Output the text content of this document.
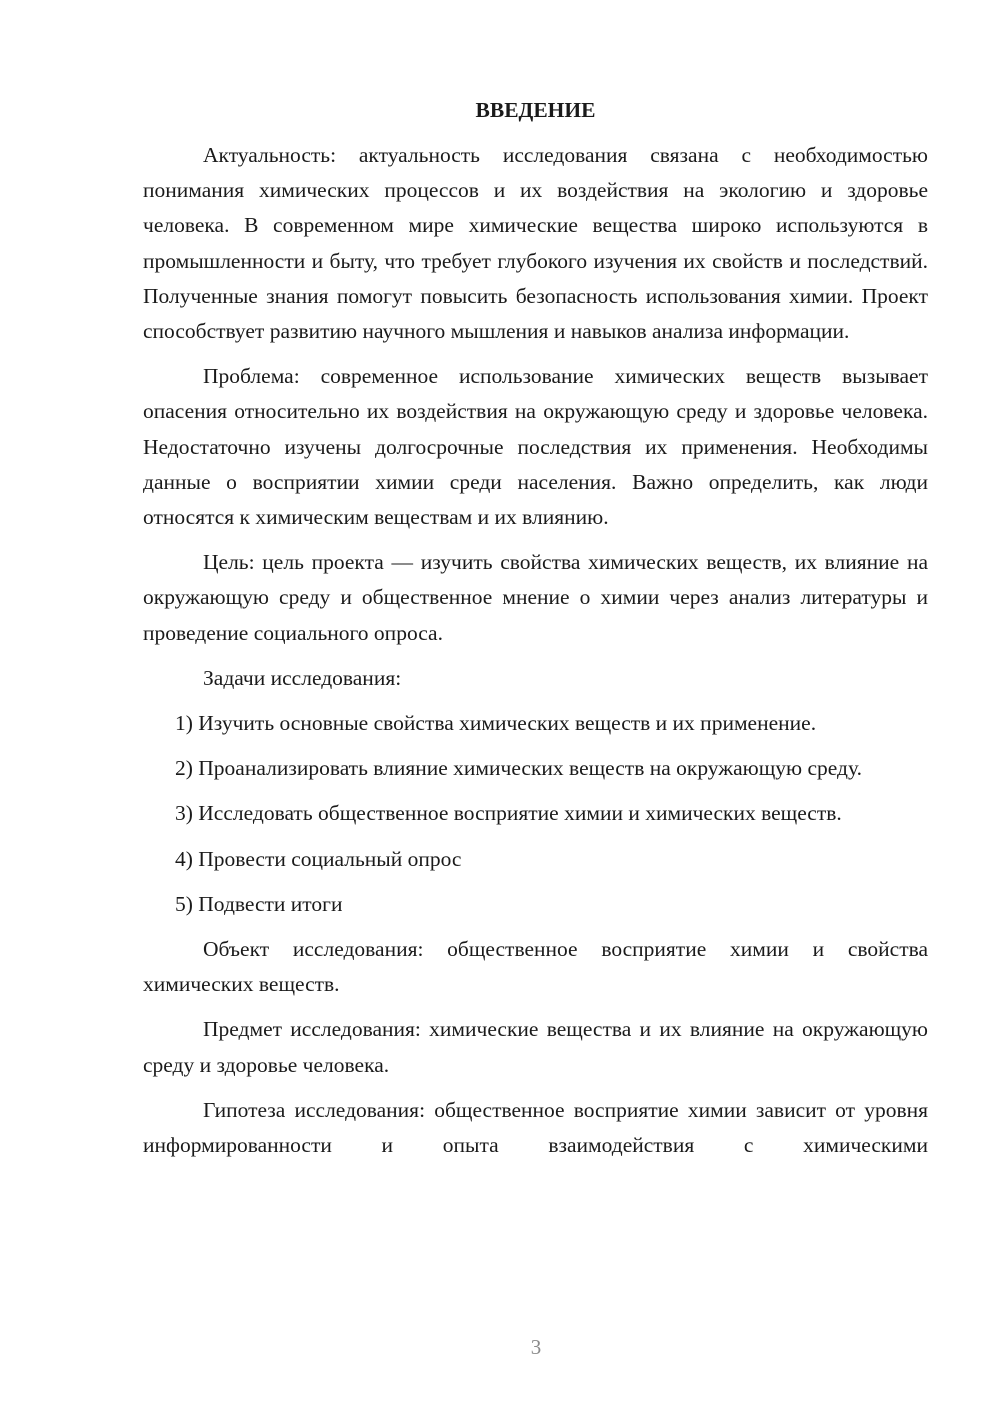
ВВЕДЕНИЕ

Актуальность: актуальность исследования связана с необходимостью понимания химических процессов и их воздействия на экологию и здоровье человека. В современном мире химические вещества широко используются в промышленности и быту, что требует глубокого изучения их свойств и последствий. Полученные знания помогут повысить безопасность использования химии. Проект способствует развитию научного мышления и навыков анализа информации.

Проблема: современное использование химических веществ вызывает опасения относительно их воздействия на окружающую среду и здоровье человека. Недостаточно изучены долгосрочные последствия их применения. Необходимы данные о восприятии химии среди населения. Важно определить, как люди относятся к химическим веществам и их влиянию.

Цель: цель проекта — изучить свойства химических веществ, их влияние на окружающую среду и общественное мнение о химии через анализ литературы и проведение социального опроса.

Задачи исследования:

1) Изучить основные свойства химических веществ и их применение.

2) Проанализировать влияние химических веществ на окружающую среду.

3) Исследовать общественное восприятие химии и химических веществ.

4) Провести социальный опрос

5) Подвести итоги

Объект исследования: общественное восприятие химии и свойства химических веществ.

Предмет исследования: химические вещества и их влияние на окружающую среду и здоровье человека.

Гипотеза исследования: общественное восприятие химии зависит от уровня информированности и опыта взаимодействия с химическими

3
